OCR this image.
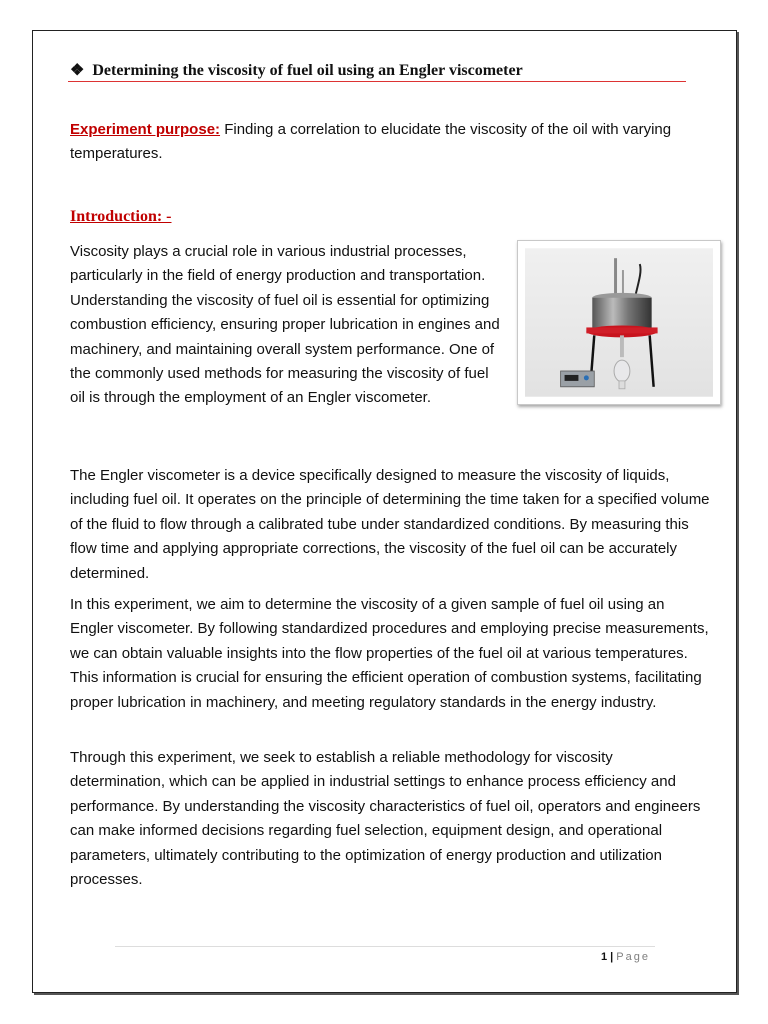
❖ Determining the viscosity of fuel oil using an Engler viscometer
Experiment purpose: Finding a correlation to elucidate the viscosity of the oil with varying temperatures.
Introduction: -

Viscosity plays a crucial role in various industrial processes, particularly in the field of energy production and transportation. Understanding the viscosity of fuel oil is essential for optimizing combustion efficiency, ensuring proper lubrication in engines and machinery, and maintaining overall system performance. One of the commonly used methods for measuring the viscosity of fuel oil is through the employment of an Engler viscometer.

The Engler viscometer is a device specifically designed to measure the viscosity of liquids, including fuel oil. It operates on the principle of determining the time taken for a specified volume of the fluid to flow through a calibrated tube under standardized conditions. By measuring this flow time and applying appropriate corrections, the viscosity of the fuel oil can be accurately determined.

In this experiment, we aim to determine the viscosity of a given sample of fuel oil using an Engler viscometer. By following standardized procedures and employing precise measurements, we can obtain valuable insights into the flow properties of the fuel oil at various temperatures. This information is crucial for ensuring the efficient operation of combustion systems, facilitating proper lubrication in machinery, and meeting regulatory standards in the energy industry.

Through this experiment, we seek to establish a reliable methodology for viscosity determination, which can be applied in industrial settings to enhance process efficiency and performance. By understanding the viscosity characteristics of fuel oil, operators and engineers can make informed decisions regarding fuel selection, equipment design, and operational parameters, ultimately contributing to the optimization of energy production and utilization processes.

1 | Page
